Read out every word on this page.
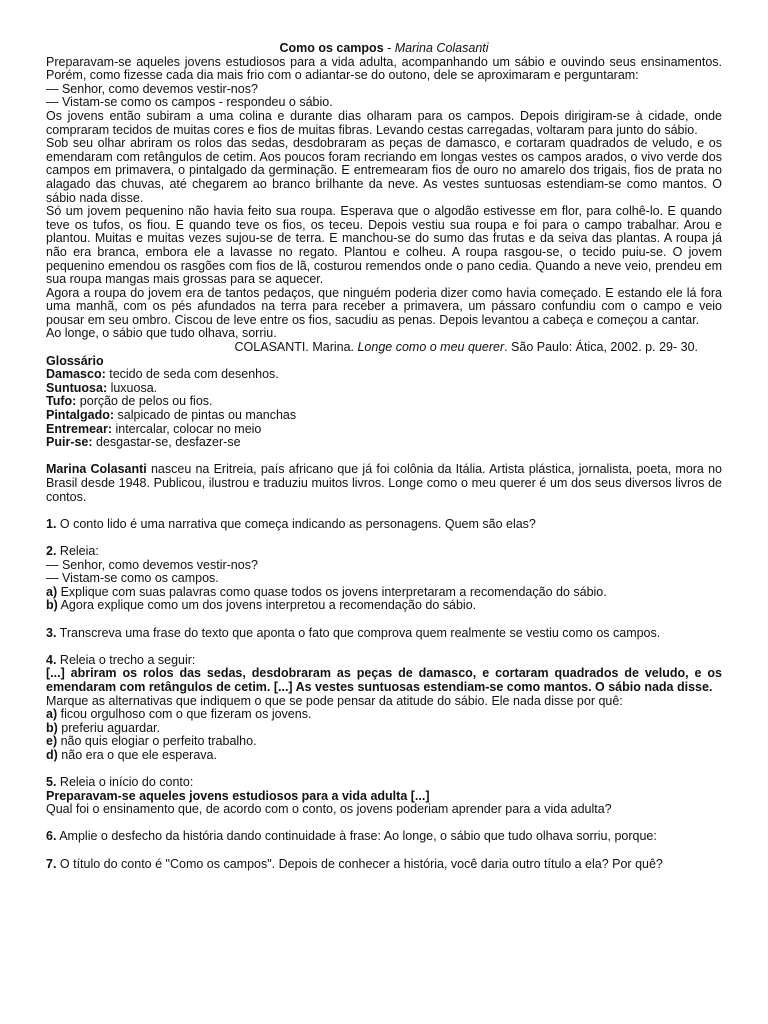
Como os campos - Marina Colasanti

Preparavam-se aqueles jovens estudiosos para a vida adulta, acompanhando um sábio e ouvindo seus ensinamentos. Porém, como fizesse cada dia mais frio com o adiantar-se do outono, dele se aproximaram e perguntaram:

— Senhor, como devemos vestir-nos?

— Vistam-se como os campos - respondeu o sábio.

Os jovens então subiram a uma colina e durante dias olharam para os campos. Depois dirigiram-se à cidade, onde compraram tecidos de muitas cores e fios de muitas fibras. Levando cestas carregadas, voltaram para junto do sábio.

Sob seu olhar abriram os rolos das sedas, desdobraram as peças de damasco, e cortaram quadrados de veludo, e os emendaram com retângulos de cetim. Aos poucos foram recriando em longas vestes os campos arados, o vivo verde dos campos em primavera, o pintalgado da germinação. E entremearam fios de ouro no amarelo dos trigais, fios de prata no alagado das chuvas, até chegarem ao branco brilhante da neve. As vestes suntuosas estendiam-se como mantos. O sábio nada disse.

Só um jovem pequenino não havia feito sua roupa. Esperava que o algodão estivesse em flor, para colhê-lo. E quando teve os tufos, os fiou. E quando teve os fios, os teceu. Depois vestiu sua roupa e foi para o campo trabalhar. Arou e plantou. Muitas e muitas vezes sujou-se de terra. E manchou-se do sumo das frutas e da seiva das plantas. A roupa já não era branca, embora ele a lavasse no regato. Plantou e colheu. A roupa rasgou-se, o tecido puiu-se. O jovem pequenino emendou os rasgões com fios de lã, costurou remendos onde o pano cedia. Quando a neve veio, prendeu em sua roupa mangas mais grossas para se aquecer.

Agora a roupa do jovem era de tantos pedaços, que ninguém poderia dizer como havia começado. E estando ele lá fora uma manhã, com os pés afundados na terra para receber a primavera, um pássaro confundiu com o campo e veio pousar em seu ombro. Ciscou de leve entre os fios, sacudiu as penas. Depois levantou a cabeça e começou a cantar.

Ao longe, o sábio que tudo olhava, sorriu.

COLASANTI. Marina. Longe como o meu querer. São Paulo: Ática, 2002. p. 29- 30.

Glossário

Damasco: tecido de seda com desenhos.

Suntuosa: luxuosa.

Tufo: porção de pelos ou fios.

Pintalgado: salpicado de pintas ou manchas

Entremear: intercalar, colocar no meio

Puir-se: desgastar-se, desfazer-se

Marina Colasanti nasceu na Eritreia, país africano que já foi colônia da Itália. Artista plástica, jornalista, poeta, mora no Brasil desde 1948. Publicou, ilustrou e traduziu muitos livros. Longe como o meu querer é um dos seus diversos livros de contos.

1. O conto lido é uma narrativa que começa indicando as personagens. Quem são elas?

2. Releia:

— Senhor, como devemos vestir-nos?

— Vistam-se como os campos.

a) Explique com suas palavras como quase todos os jovens interpretaram a recomendação do sábio.

b) Agora explique como um dos jovens interpretou a recomendação do sábio.

3. Transcreva uma frase do texto que aponta o fato que comprova quem realmente se vestiu como os campos.

4. Releia o trecho a seguir:

[...] abriram os rolos das sedas, desdobraram as peças de damasco, e cortaram quadrados de veludo, e os emendaram com retângulos de cetim. [...] As vestes suntuosas estendiam-se como mantos. O sábio nada disse.

Marque as alternativas que indiquem o que se pode pensar da atitude do sábio. Ele nada disse por quê:

a) ficou orgulhoso com o que fizeram os jovens.

b) preferiu aguardar.

e) não quis elogiar o perfeito trabalho.

d) não era o que ele esperava.

5. Releia o início do conto:

Preparavam-se aqueles jovens estudiosos para a vida adulta [...]

Qual foi o ensinamento que, de acordo com o conto, os jovens poderiam aprender para a vida adulta?

6. Amplie o desfecho da história dando continuidade à frase: Ao longe, o sábio que tudo olhava sorriu, porque:

7. O título do conto é "Como os campos". Depois de conhecer a história, você daria outro título a ela? Por quê?
